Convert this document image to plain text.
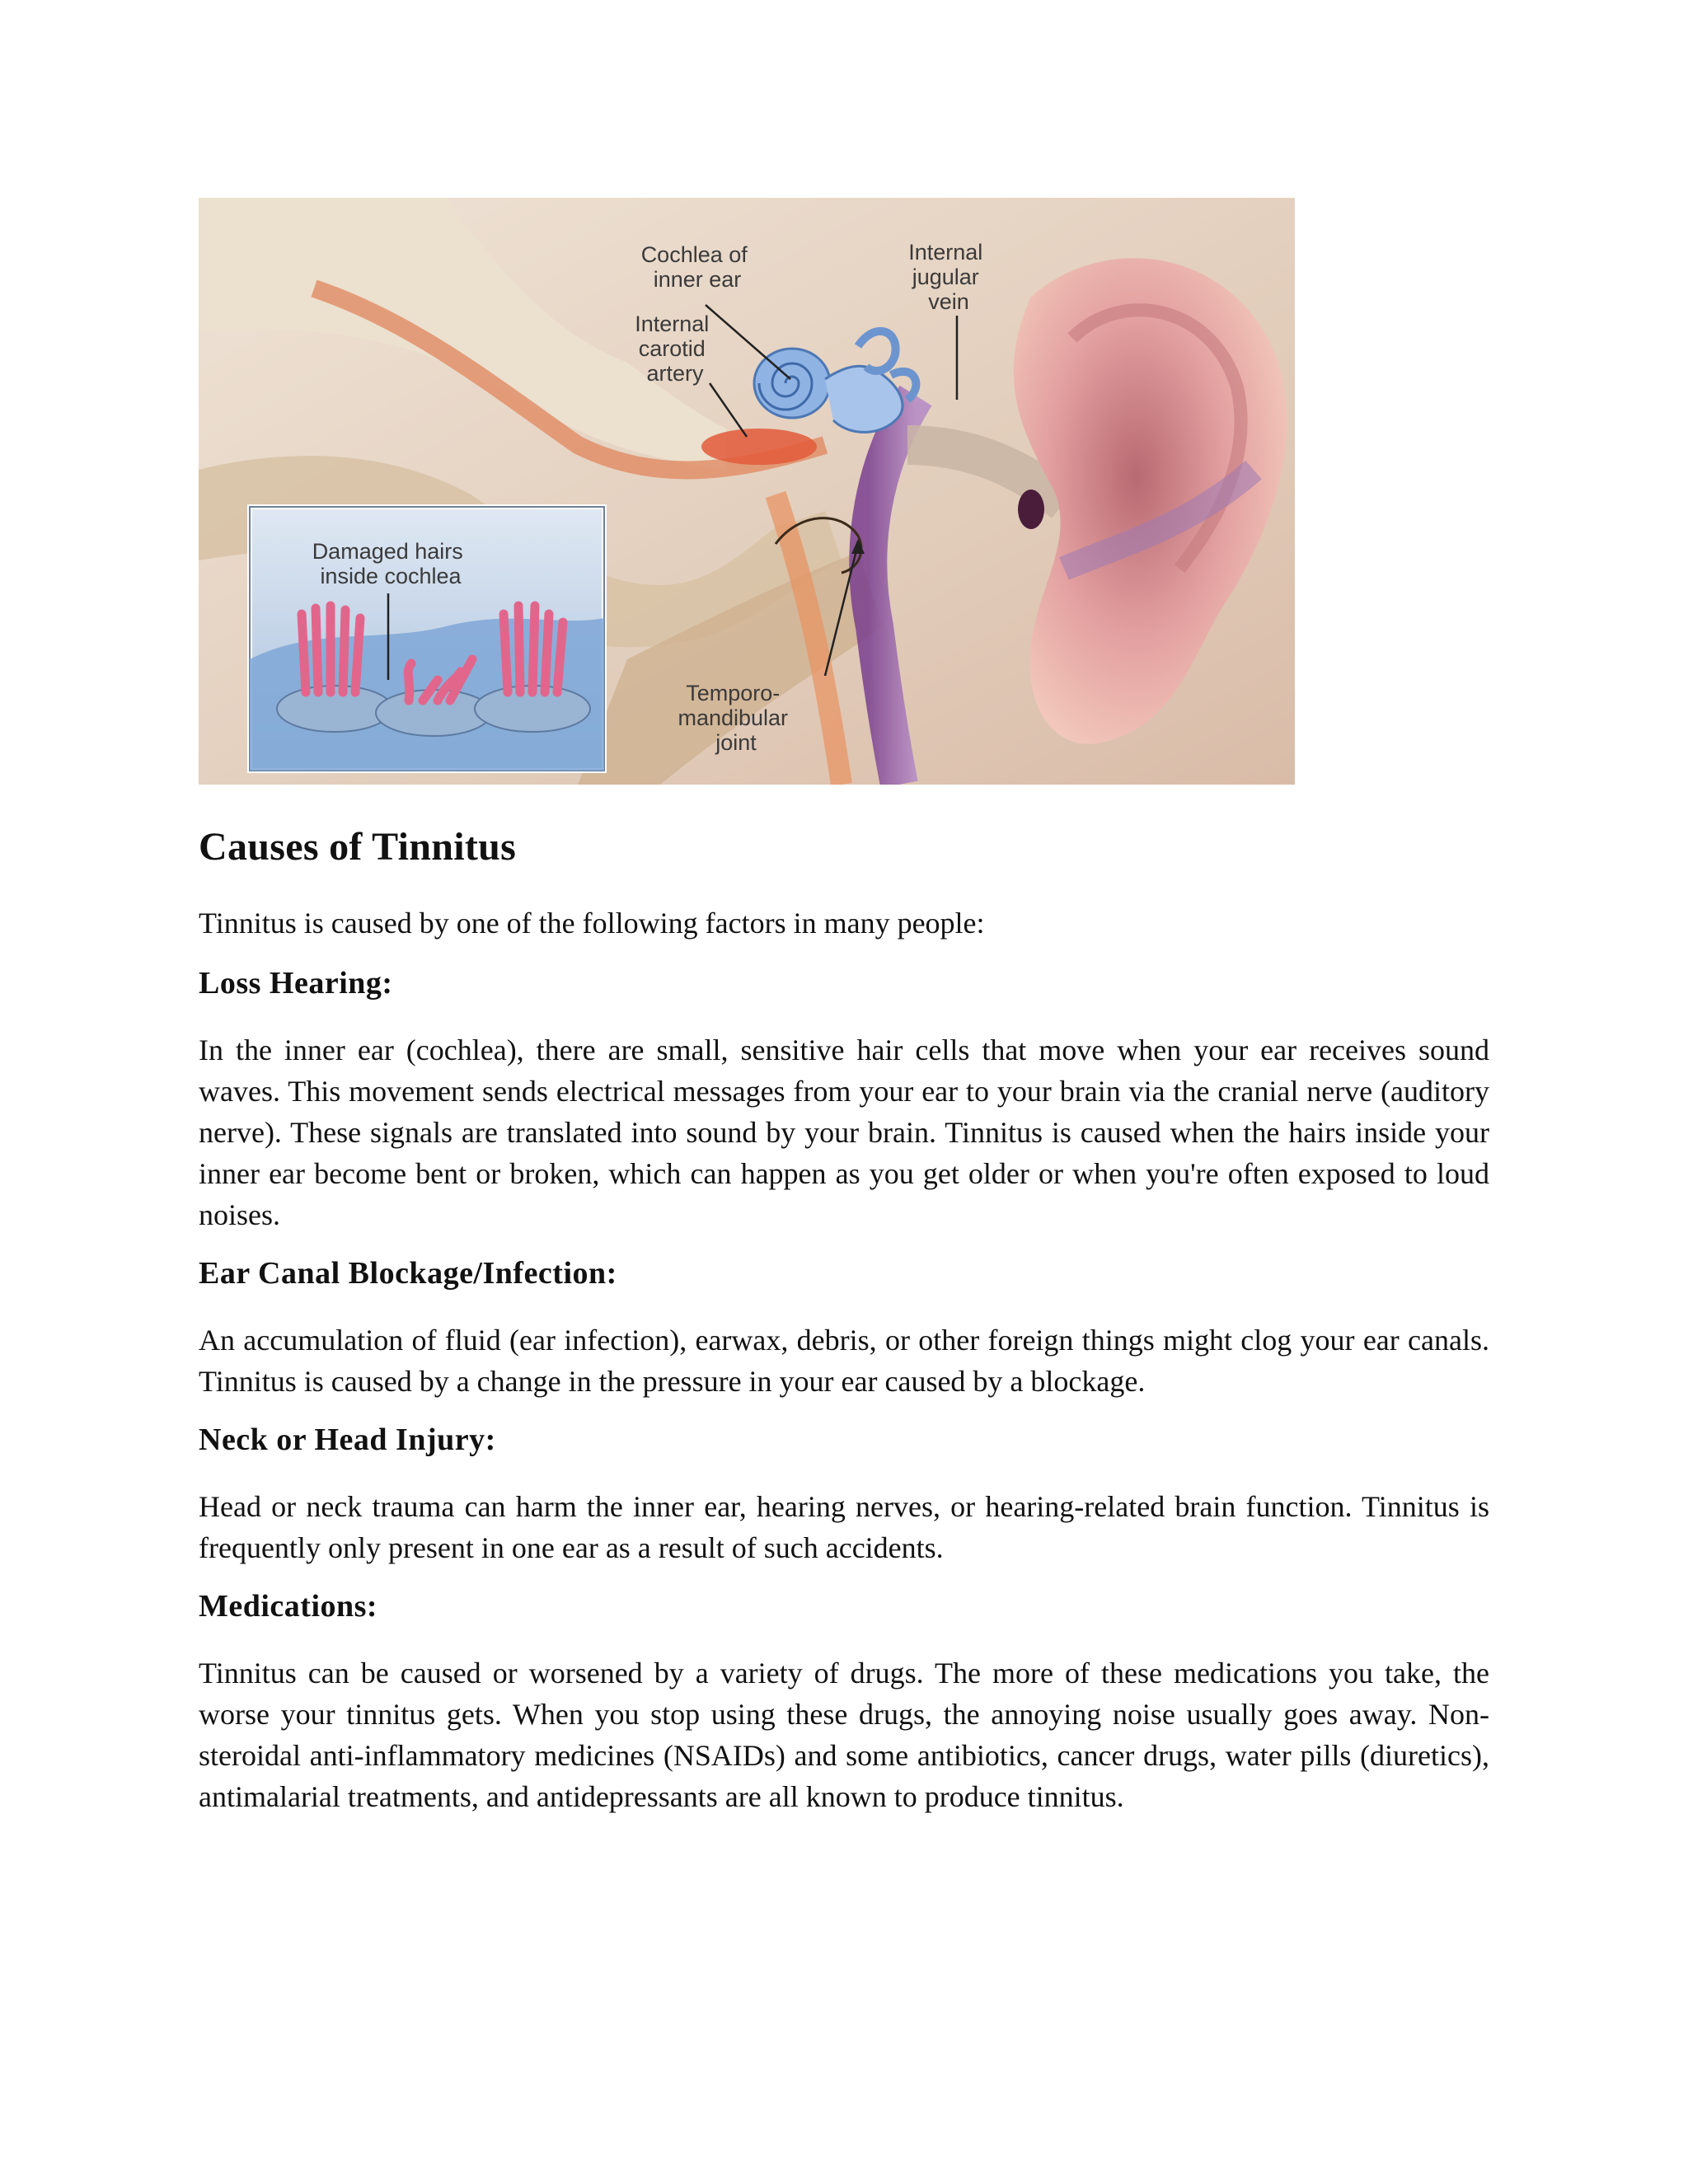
Cochlea of inner ear
Internal jugular vein
Internal carotid artery
Damaged hairs inside cochlea
Temporo- mandibular joint
Causes of Tinnitus

Tinnitus is caused by one of the following factors in many people:

Loss Hearing:

In the inner ear (cochlea), there are small, sensitive hair cells that move when your ear receives sound waves. This movement sends electrical messages from your ear to your brain via the cranial nerve (auditory nerve). These signals are translated into sound by your brain. Tinnitus is caused when the hairs inside your inner ear become bent or broken, which can happen as you get older or when you're often exposed to loud noises.

Ear Canal Blockage/Infection:

An accumulation of fluid (ear infection), earwax, debris, or other foreign things might clog your ear canals. Tinnitus is caused by a change in the pressure in your ear caused by a blockage.

Neck or Head Injury:

Head or neck trauma can harm the inner ear, hearing nerves, or hearing-related brain function. Tinnitus is frequently only present in one ear as a result of such accidents.

Medications:

Tinnitus can be caused or worsened by a variety of drugs. The more of these medications you take, the worse your tinnitus gets. When you stop using these drugs, the annoying noise usually goes away. Non-steroidal anti-inflammatory medicines (NSAIDs) and some antibiotics, cancer drugs, water pills (diuretics), antimalarial treatments, and antidepressants are all known to produce tinnitus.
